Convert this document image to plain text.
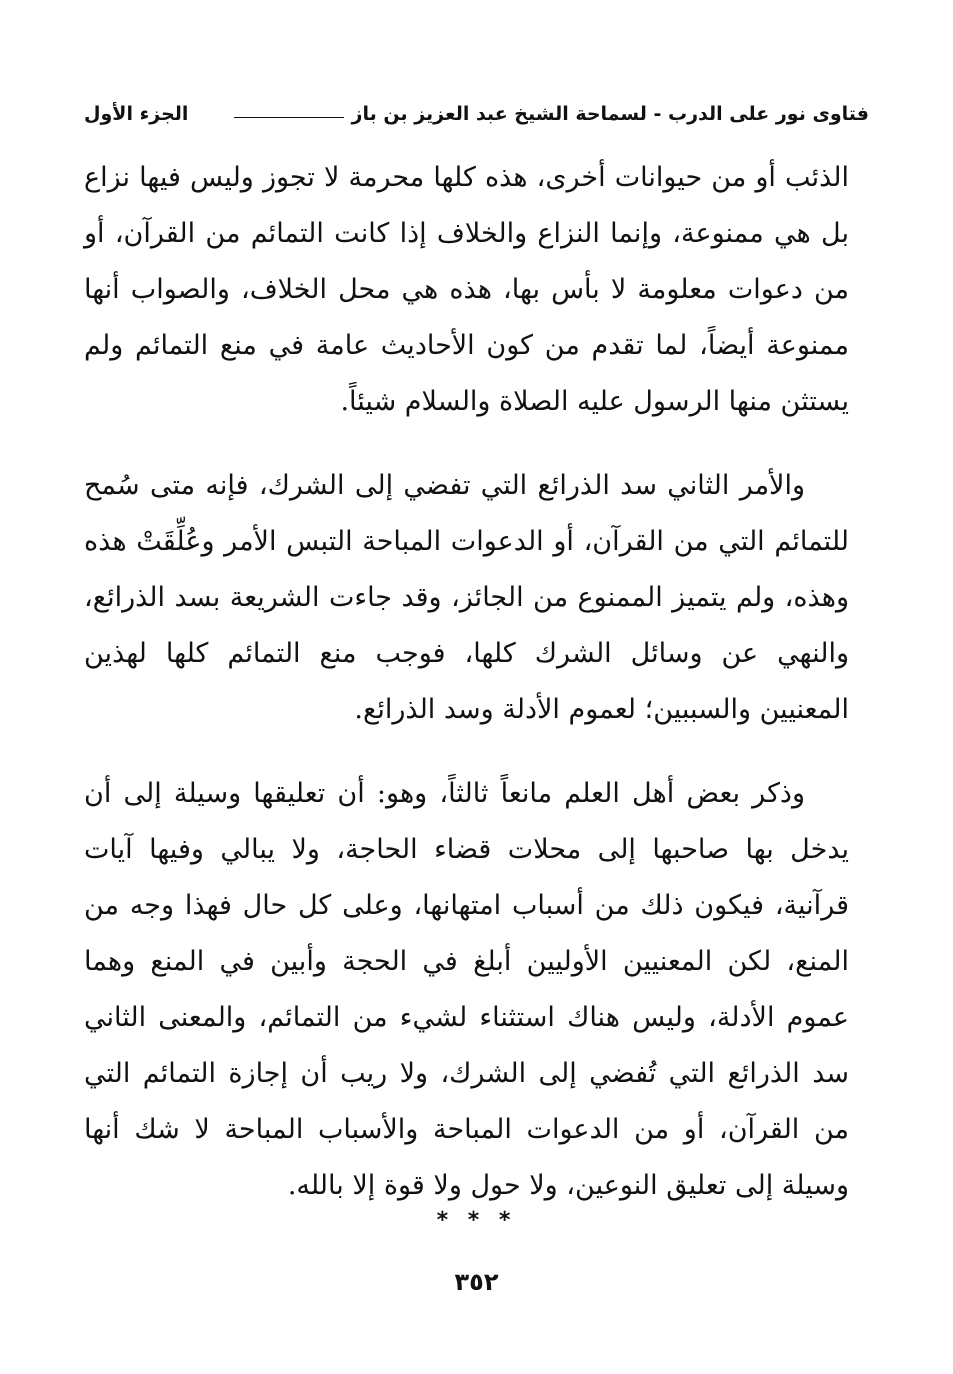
فتاوى نور على الدرب - لسماحة الشيخ عبد العزيز بن باز
الجزء الأول

الذئب أو من حيوانات أخرى، هذه كلها محرمة لا تجوز وليس فيها نزاع بل هي ممنوعة، وإنما النزاع والخلاف إذا كانت التمائم من القرآن، أو من دعوات معلومة لا بأس بها، هذه هي محل الخلاف، والصواب أنها ممنوعة أيضاً، لما تقدم من كون الأحاديث عامة في منع التمائم ولم يستثن منها الرسول عليه الصلاة والسلام شيئاً.

والأمر الثاني سد الذرائع التي تفضي إلى الشرك، فإنه متى سُمح للتمائم التي من القرآن، أو الدعوات المباحة التبس الأمر وعُلِّقَتْ هذه وهذه، ولم يتميز الممنوع من الجائز، وقد جاءت الشريعة بسد الذرائع، والنهي عن وسائل الشرك كلها، فوجب منع التمائم كلها لهذين المعنيين والسببين؛ لعموم الأدلة وسد الذرائع.

وذكر بعض أهل العلم مانعاً ثالثاً، وهو: أن تعليقها وسيلة إلى أن يدخل بها صاحبها إلى محلات قضاء الحاجة، ولا يبالي وفيها آيات قرآنية، فيكون ذلك من أسباب امتهانها، وعلى كل حال فهذا وجه من المنع، لكن المعنيين الأوليين أبلغ في الحجة وأبين في المنع وهما عموم الأدلة، وليس هناك استثناء لشيء من التمائم، والمعنى الثاني سد الذرائع التي تُفضي إلى الشرك، ولا ريب أن إجازة التمائم التي من القرآن، أو من الدعوات المباحة والأسباب المباحة لا شك أنها وسيلة إلى تعليق النوعين، ولا حول ولا قوة إلا بالله.

* * *
٣٥٢
